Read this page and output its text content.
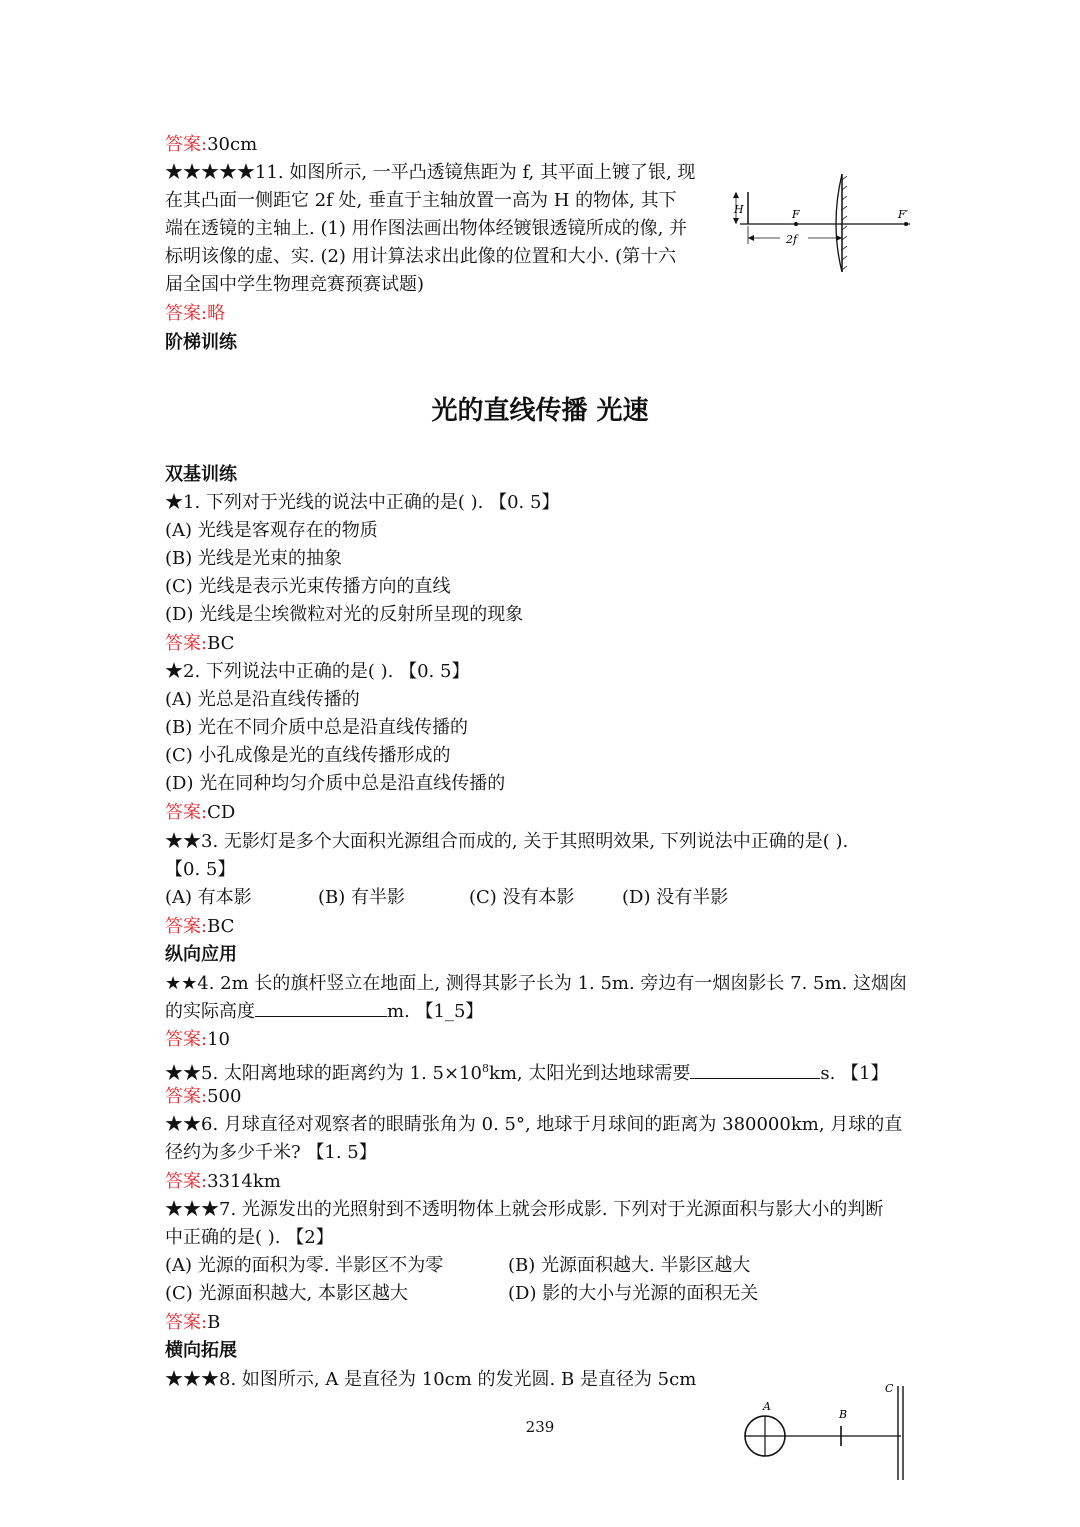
答案:30cm
★★★★★11. 如图所示, 一平凸透镜焦距为 f, 其平面上镀了银, 现
在其凸面一侧距它 2f 处, 垂直于主轴放置一高为 H 的物体, 其下
端在透镜的主轴上. (1) 用作图法画出物体经镀银透镜所成的像, 并
标明该像的虚、实. (2) 用计算法求出此像的位置和大小. (第十六
届全国中学生物理竞赛预赛试题)
答案:略
阶梯训练
H	F	F′
2f
光的直线传播 光速
双基训练
★1. 下列对于光线的说法中正确的是( ). 【0. 5】
(A) 光线是客观存在的物质
(B) 光线是光束的抽象
(C) 光线是表示光束传播方向的直线
(D) 光线是尘埃微粒对光的反射所呈现的现象
答案:BC
★2. 下列说法中正确的是( ). 【0. 5】
(A) 光总是沿直线传播的
(B) 光在不同介质中总是沿直线传播的
(C) 小孔成像是光的直线传播形成的
(D) 光在同种均匀介质中总是沿直线传播的
答案:CD
★★3. 无影灯是多个大面积光源组合而成的, 关于其照明效果, 下列说法中正确的是( ).
【0. 5】
(A) 有本影	(B) 有半影	(C) 没有本影	(D) 没有半影
答案:BC
纵向应用
★★4. 2m 长的旗杆竖立在地面上, 测得其影子长为 1. 5m. 旁边有一烟囱影长 7. 5m. 这烟囱
的实际高度	m. 【1_5】
答案:10
★★5. 太阳离地球的距离约为 1. $5\times 10^8km$, 太阳光到达地球需要	s. 【1】
答案:500
★★6. 月球直径对观察者的眼睛张角为 0. 5°, 地球于月球间的距离为 380000km, 月球的直
径约为多少千米? 【1. 5】
答案:3314km
★★★7. 光源发出的光照射到不透明物体上就会形成影. 下列对于光源面积与影大小的判断
中正确的是( ). 【2】
(A) 光源的面积为零. 半影区不为零	(B) 光源面积越大. 半影区越大
(C) 光源面积越大, 本影区越大	(D) 影的大小与光源的面积无关
答案:B
横向拓展
★★★8. 如图所示, A 是直径为 10cm 的发光圆. B 是直径为 5cm
A
B
C
239
